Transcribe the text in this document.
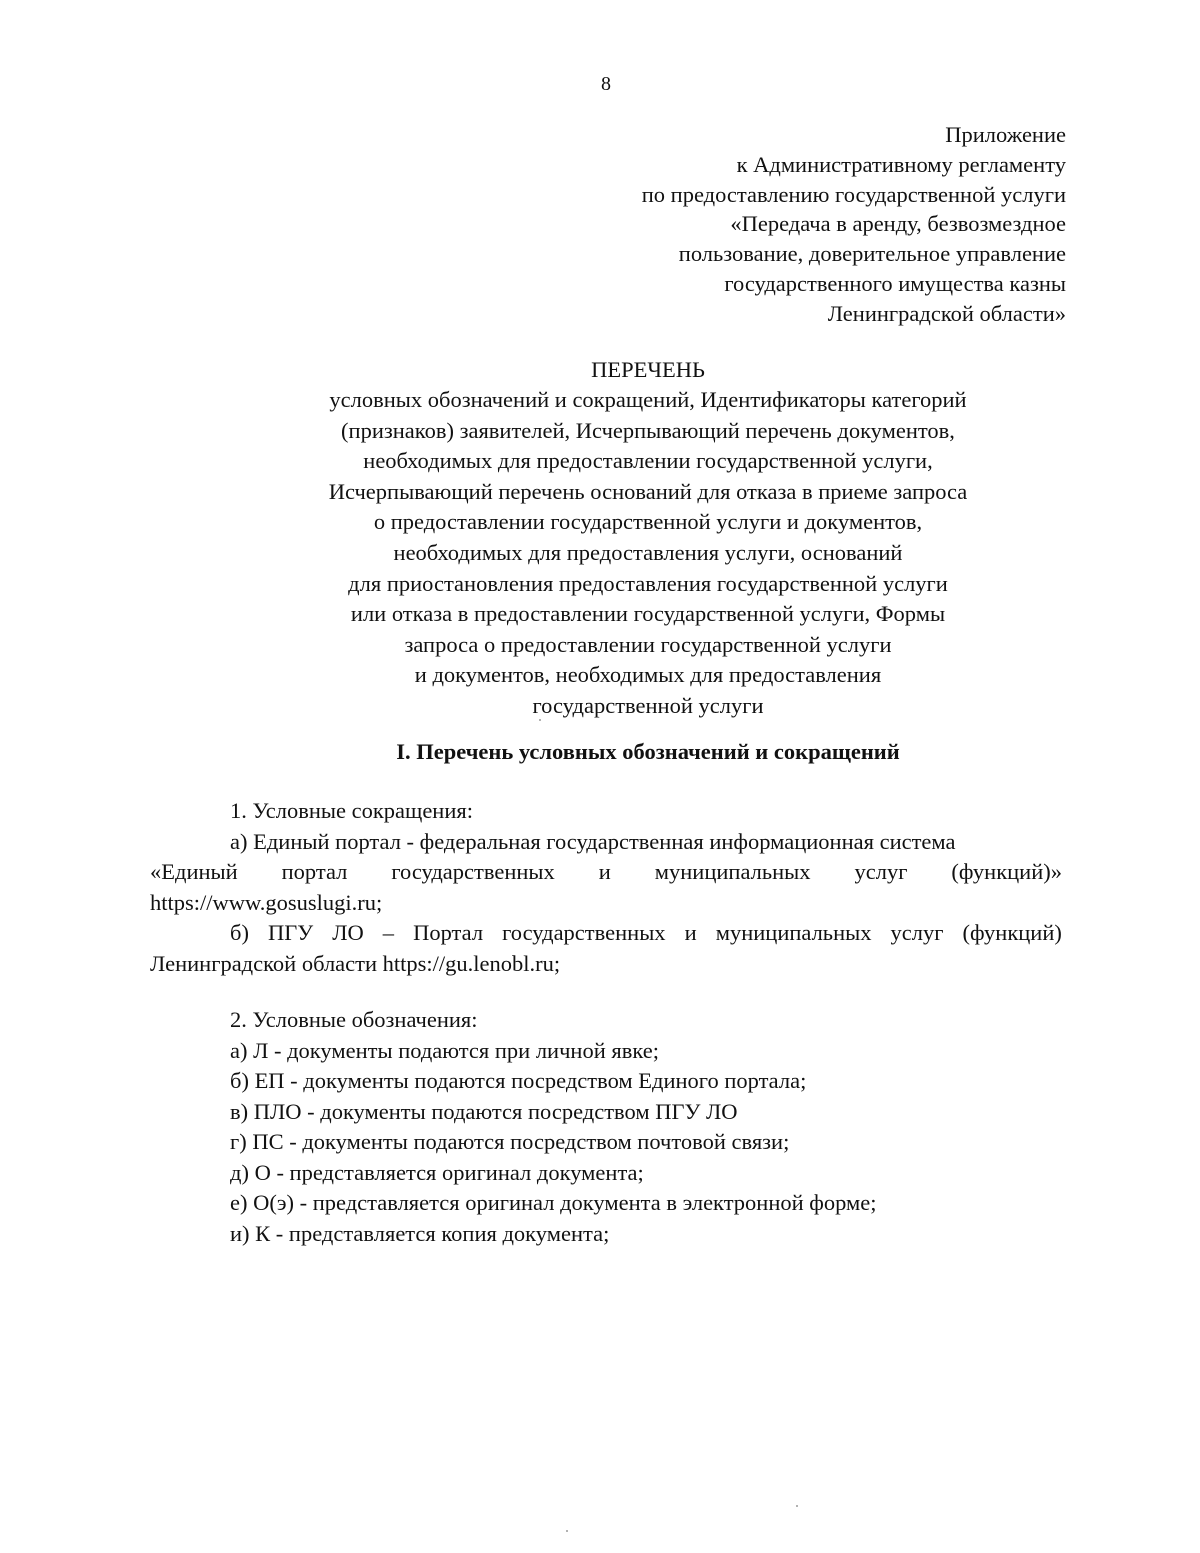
8
Приложение
к Административному регламенту
по предоставлению государственной услуги
«Передача в аренду, безвозмездное
пользование, доверительное управление
государственного имущества казны
Ленинградской области»
ПЕРЕЧЕНЬ
условных обозначений и сокращений, Идентификаторы категорий
(признаков) заявителей, Исчерпывающий перечень документов,
необходимых для предоставлении государственной услуги,
Исчерпывающий перечень оснований для отказа в приеме запроса
о предоставлении государственной услуги и документов,
необходимых для предоставления услуги, оснований
для приостановления предоставления государственной услуги
или отказа в предоставлении государственной услуги, Формы
запроса о предоставлении государственной услуги
и документов, необходимых для предоставления
государственной услуги
I. Перечень условных обозначений и сокращений
1. Условные сокращения:
а) Единый портал - федеральная государственная информационная система
«Единый портал государственных и муниципальных услуг (функций)»
https://www.gosuslugi.ru;
б) ПГУ ЛО – Портал государственных и муниципальных услуг (функций)
Ленинградской области https://gu.lenobl.ru;
2. Условные обозначения:
а) Л - документы подаются при личной явке;
б) ЕП - документы подаются посредством Единого портала;
в) ПЛО - документы подаются посредством ПГУ ЛО
г) ПС - документы подаются посредством почтовой связи;
д) О - представляется оригинал документа;
е) О(э) - представляется оригинал документа в электронной форме;
и) К - представляется копия документа;
